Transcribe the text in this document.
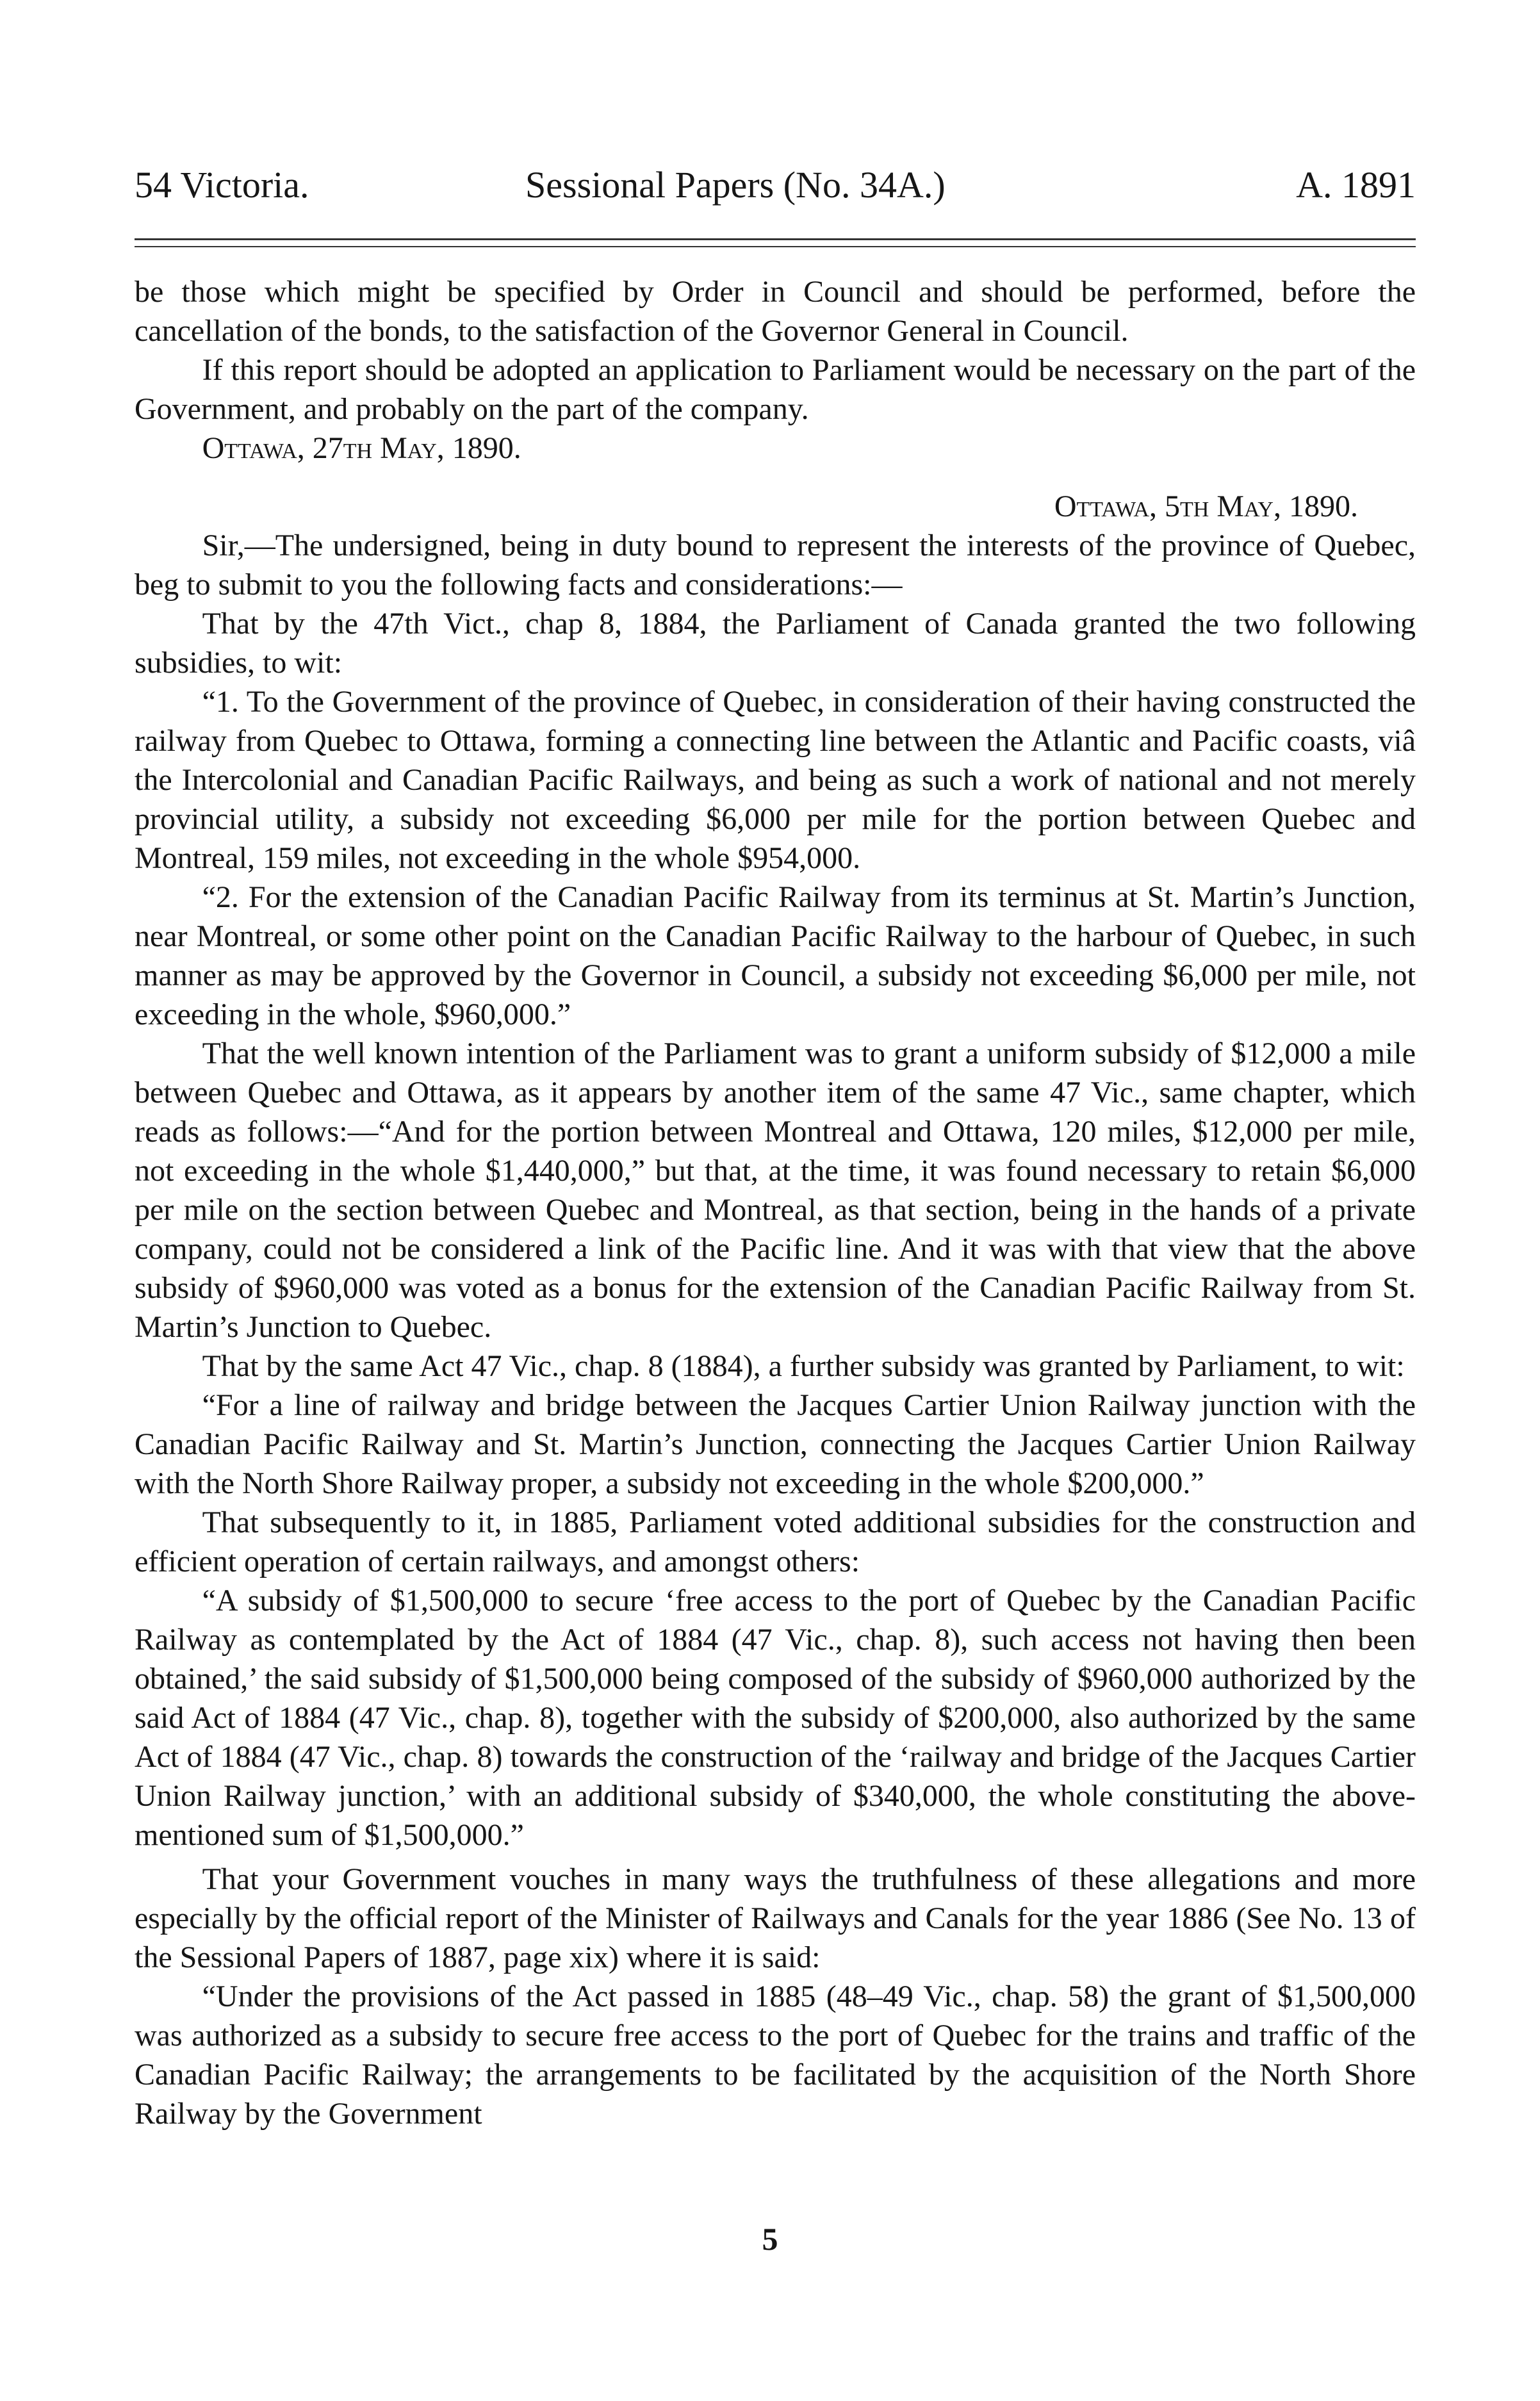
54 Victoria.	Sessional Papers (No. 34A.)	A. 1891

be those which might be specified by Order in Council and should be performed, before the cancellation of the bonds, to the satisfaction of the Governor General in Council.

If this report should be adopted an application to Parliament would be necessary on the part of the Government, and probably on the part of the company.

Ottawa, 27th May, 1890.

Ottawa, 5th May, 1890.

Sir,—The undersigned, being in duty bound to represent the interests of the province of Quebec, beg to submit to you the following facts and considerations:—

That by the 47th Vict., chap 8, 1884, the Parliament of Canada granted the two following subsidies, to wit:

“1. To the Government of the province of Quebec, in consideration of their having constructed the railway from Quebec to Ottawa, forming a connecting line between the Atlantic and Pacific coasts, viâ the Intercolonial and Canadian Pacific Railways, and being as such a work of national and not merely provincial utility, a subsidy not exceeding $6,000 per mile for the portion between Quebec and Montreal, 159 miles, not exceeding in the whole $954,000.

“2. For the extension of the Canadian Pacific Railway from its terminus at St. Martin’s Junction, near Montreal, or some other point on the Canadian Pacific Railway to the harbour of Quebec, in such manner as may be approved by the Governor in Council, a subsidy not exceeding $6,000 per mile, not exceeding in the whole, $960,000.”

That the well known intention of the Parliament was to grant a uniform subsidy of $12,000 a mile between Quebec and Ottawa, as it appears by another item of the same 47 Vic., same chapter, which reads as follows:—“And for the portion between Montreal and Ottawa, 120 miles, $12,000 per mile, not exceeding in the whole $1,440,000,” but that, at the time, it was found necessary to retain $6,000 per mile on the section between Quebec and Montreal, as that section, being in the hands of a private company, could not be considered a link of the Pacific line. And it was with that view that the above subsidy of $960,000 was voted as a bonus for the extension of the Canadian Pacific Railway from St. Martin’s Junction to Quebec.

That by the same Act 47 Vic., chap. 8 (1884), a further subsidy was granted by Parliament, to wit:

“For a line of railway and bridge between the Jacques Cartier Union Railway junction with the Canadian Pacific Railway and St. Martin’s Junction, connecting the Jacques Cartier Union Railway with the North Shore Railway proper, a subsidy not exceeding in the whole $200,000.”

That subsequently to it, in 1885, Parliament voted additional subsidies for the construction and efficient operation of certain railways, and amongst others:

“A subsidy of $1,500,000 to secure ‘free access to the port of Quebec by the Canadian Pacific Railway as contemplated by the Act of 1884 (47 Vic., chap. 8), such access not having then been obtained,’ the said subsidy of $1,500,000 being composed of the subsidy of $960,000 authorized by the said Act of 1884 (47 Vic., chap. 8), together with the subsidy of $200,000, also authorized by the same Act of 1884 (47 Vic., chap. 8) towards the construction of the ‘railway and bridge of the Jacques Cartier Union Railway junction,’ with an additional subsidy of $340,000, the whole constituting the above-mentioned sum of $1,500,000.”

That your Government vouches in many ways the truthfulness of these allegations and more especially by the official report of the Minister of Railways and Canals for the year 1886 (See No. 13 of the Sessional Papers of 1887, page xix) where it is said:

“Under the provisions of the Act passed in 1885 (48–49 Vic., chap. 58) the grant of $1,500,000 was authorized as a subsidy to secure free access to the port of Quebec for the trains and traffic of the Canadian Pacific Railway; the arrangements to be facilitated by the acquisition of the North Shore Railway by the Government

5
